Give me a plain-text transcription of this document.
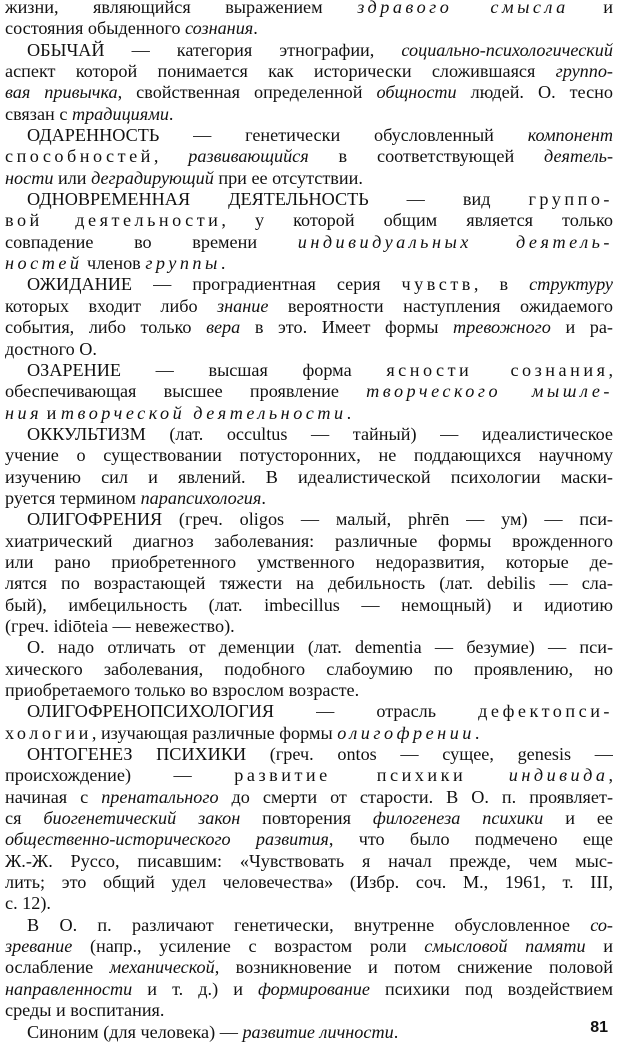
жизни, являющийся выражением здравого смысла и
состояния обыденного сознания.
ОБЫЧАЙ — категория этнографии, социально-психологический
аспект которой понимается как исторически сложившаяся группо-
вая привычка, свойственная определенной общности людей. О. тесно
связан с традициями.
ОДАРЕННОСТЬ — генетически обусловленный компонент
способностей, развивающийся в соответствующей деятель-
ности или деградирующий при ее отсутствии.
ОДНОВРЕМЕННАЯ ДЕЯТЕЛЬНОСТЬ — вид группо-
вой деятельности, у которой общим является только
совпадение во времени индивидуальных деятель-
ностей членов группы.
ОЖИДАНИЕ — проградиентная серия чувств, в структуру
которых входит либо знание вероятности наступления ожидаемого
события, либо только вера в это. Имеет формы тревожного и ра-
достного О.
ОЗАРЕНИЕ — высшая форма ясности сознания,
обеспечивающая высшее проявление творческого мышле-
ния и творческой деятельности.
ОККУЛЬТИЗМ (лат. occultus — тайный) — идеалистическое
учение о существовании потусторонних, не поддающихся научному
изучению сил и явлений. В идеалистической психологии маски-
руется термином парапсихология.
ОЛИГОФРЕНИЯ (греч. oligos — малый, phrēn — ум) — пси-
хиатрический диагноз заболевания: различные формы врожденного
или рано приобретенного умственного недоразвития, которые де-
лятся по возрастающей тяжести на дебильность (лат. debilis — сла-
бый), имбецильность (лат. imbecillus — немощный) и идиотию
(греч. idiōteia — невежество).
О. надо отличать от деменции (лат. dementia — безумие) — пси-
хического заболевания, подобного слабоумию по проявлению, но
приобретаемого только во взрослом возрасте.
ОЛИГОФРЕНОПСИХОЛОГИЯ — отрасль дефектопси-
хологии, изучающая различные формы олигофрении.
ОНТОГЕНЕЗ ПСИХИКИ (греч. ontos — сущее, genesis —
происхождение) — развитие психики индивида,
начиная с пренатального до смерти от старости. В О. п. проявляет-
ся биогенетический закон повторения филогенеза психики и ее
общественно-исторического развития, что было подмечено еще
Ж.-Ж. Руссо, писавшим: «Чувствовать я начал прежде, чем мыс-
лить; это общий удел человечества» (Избр. соч. М., 1961, т. III,
с. 12).
В О. п. различают генетически, внутренне обусловленное со-
зревание (напр., усиление с возрастом роли смысловой памяти и
ослабление механической, возникновение и потом снижение половой
направленности и т. д.) и формирование психики под воздействием
среды и воспитания.
Синоним (для человека) — развитие личности.	81
